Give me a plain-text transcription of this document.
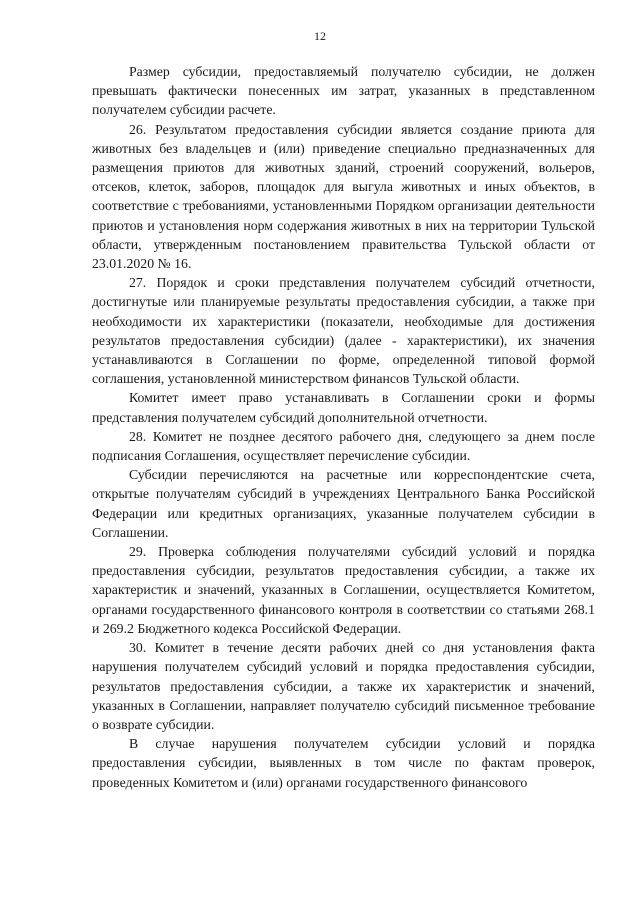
12

Размер субсидии, предоставляемый получателю субсидии, не должен превышать фактически понесенных им затрат, указанных в представленном получателем субсидии расчете.

26. Результатом предоставления субсидии является создание приюта для животных без владельцев и (или) приведение специально предназначенных для размещения приютов для животных зданий, строений сооружений, вольеров, отсеков, клеток, заборов, площадок для выгула животных и иных объектов, в соответствие с требованиями, установленными Порядком организации деятельности приютов и установления норм содержания животных в них на территории Тульской области, утвержденным постановлением правительства Тульской области от 23.01.2020 № 16.

27. Порядок и сроки представления получателем субсидий отчетности, достигнутые или планируемые результаты предоставления субсидии, а также при необходимости их характеристики (показатели, необходимые для достижения результатов предоставления субсидии) (далее - характеристики), их значения устанавливаются в Соглашении по форме, определенной типовой формой соглашения, установленной министерством финансов Тульской области.

Комитет имеет право устанавливать в Соглашении сроки и формы представления получателем субсидий дополнительной отчетности.

28. Комитет не позднее десятого рабочего дня, следующего за днем после подписания Соглашения, осуществляет перечисление субсидии.

Субсидии перечисляются на расчетные или корреспондентские счета, открытые получателям субсидий в учреждениях Центрального Банка Российской Федерации или кредитных организациях, указанные получателем субсидии в Соглашении.

29. Проверка соблюдения получателями субсидий условий и порядка предоставления субсидии, результатов предоставления субсидии, а также их характеристик и значений, указанных в Соглашении, осуществляется Комитетом, органами государственного финансового контроля в соответствии со статьями 268.1 и 269.2 Бюджетного кодекса Российской Федерации.

30. Комитет в течение десяти рабочих дней со дня установления факта нарушения получателем субсидий условий и порядка предоставления субсидии, результатов предоставления субсидии, а также их характеристик и значений, указанных в Соглашении, направляет получателю субсидий письменное требование о возврате субсидии.

В случае нарушения получателем субсидии условий и порядка предоставления субсидии, выявленных в том числе по фактам проверок, проведенных Комитетом и (или) органами государственного финансового
